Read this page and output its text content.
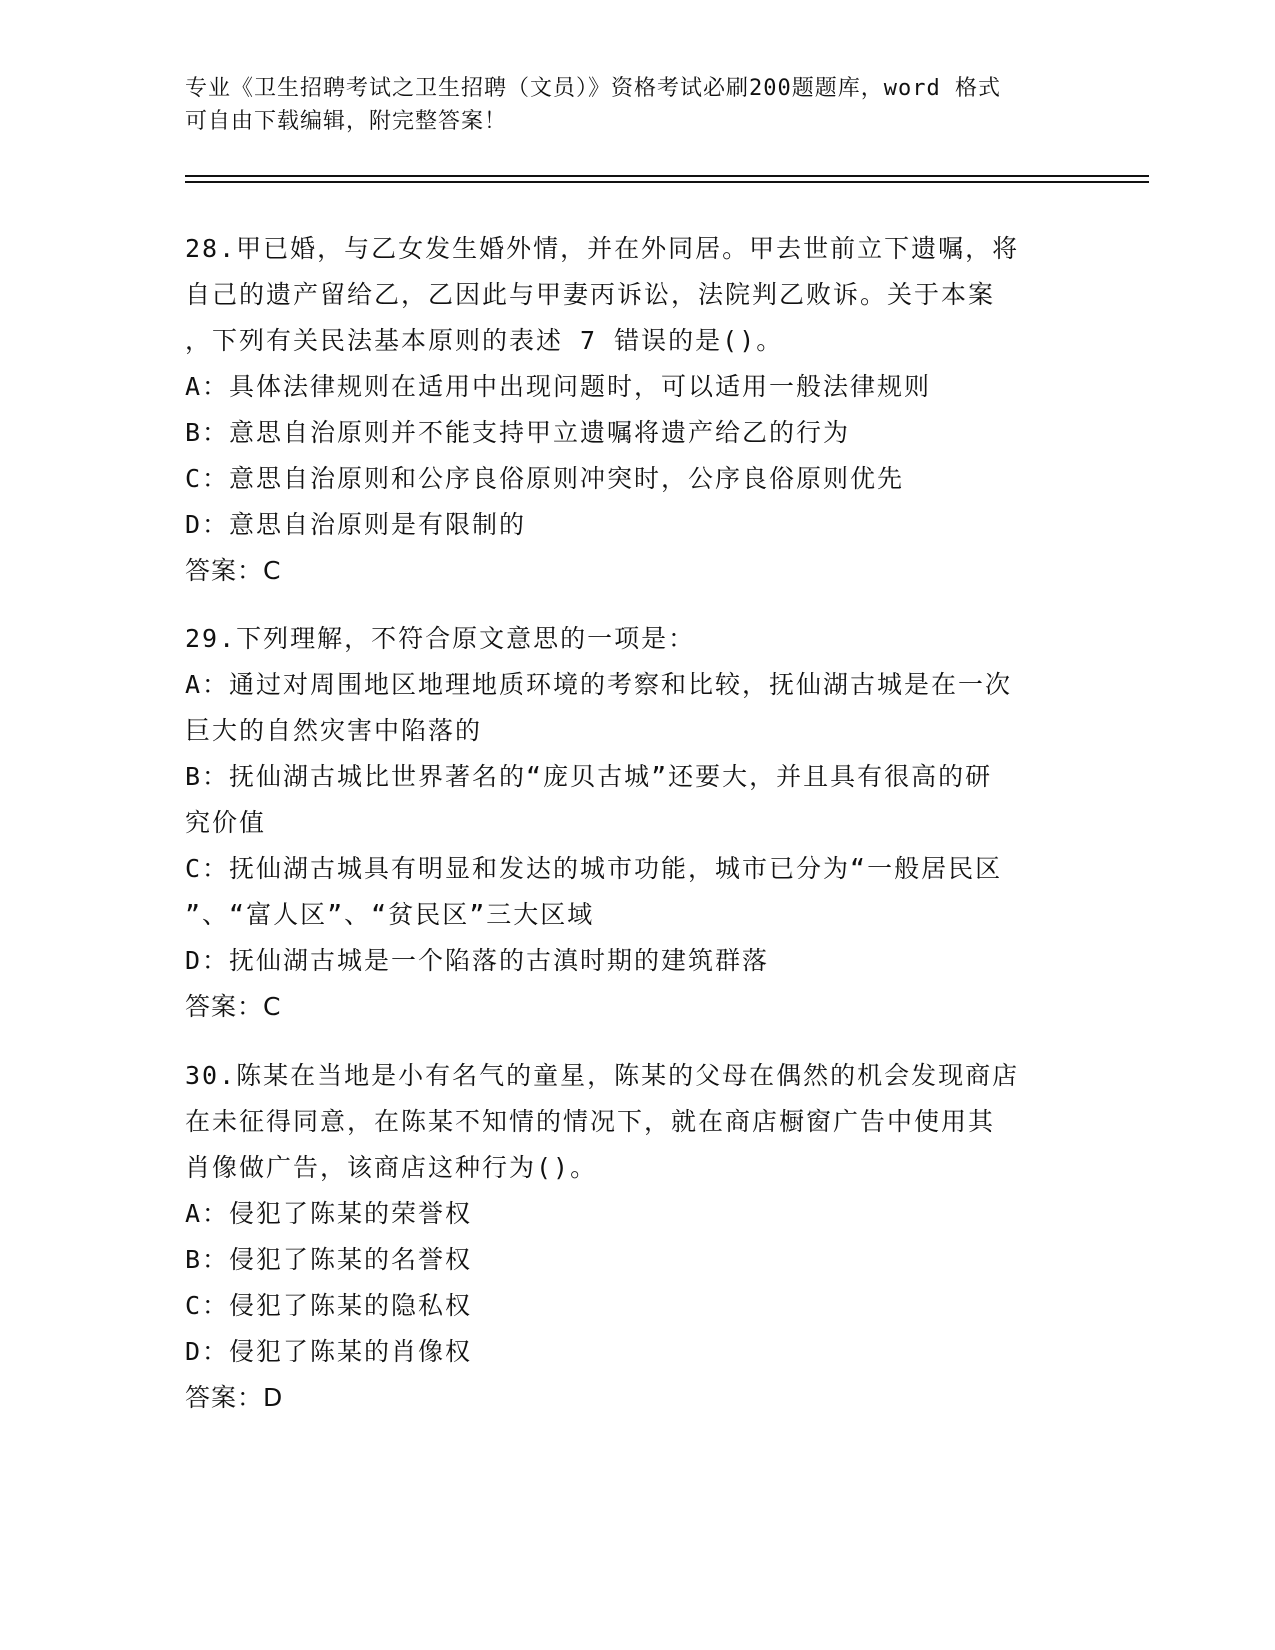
专业《卫生招聘考试之卫生招聘（文员）》资格考试必刷200题题库，word 格式
可自由下载编辑，附完整答案！
28.甲已婚，与乙女发生婚外情，并在外同居。甲去世前立下遗嘱，将
自己的遗产留给乙，乙因此与甲妻丙诉讼，法院判乙败诉。关于本案
，下列有关民法基本原则的表述 7 错误的是()。
A：具体法律规则在适用中出现问题时，可以适用一般法律规则
B：意思自治原则并不能支持甲立遗嘱将遗产给乙的行为
C：意思自治原则和公序良俗原则冲突时，公序良俗原则优先
D：意思自治原则是有限制的
答案：C
29.下列理解，不符合原文意思的一项是：
A：通过对周围地区地理地质环境的考察和比较，抚仙湖古城是在一次
巨大的自然灾害中陷落的
B：抚仙湖古城比世界著名的“庞贝古城”还要大，并且具有很高的研
究价值
C：抚仙湖古城具有明显和发达的城市功能，城市已分为“一般居民区
”、“富人区”、“贫民区”三大区域
D：抚仙湖古城是一个陷落的古滇时期的建筑群落
答案：C
30.陈某在当地是小有名气的童星，陈某的父母在偶然的机会发现商店
在未征得同意，在陈某不知情的情况下，就在商店橱窗广告中使用其
肖像做广告，该商店这种行为()。
A：侵犯了陈某的荣誉权
B：侵犯了陈某的名誉权
C：侵犯了陈某的隐私权
D：侵犯了陈某的肖像权
答案：D
